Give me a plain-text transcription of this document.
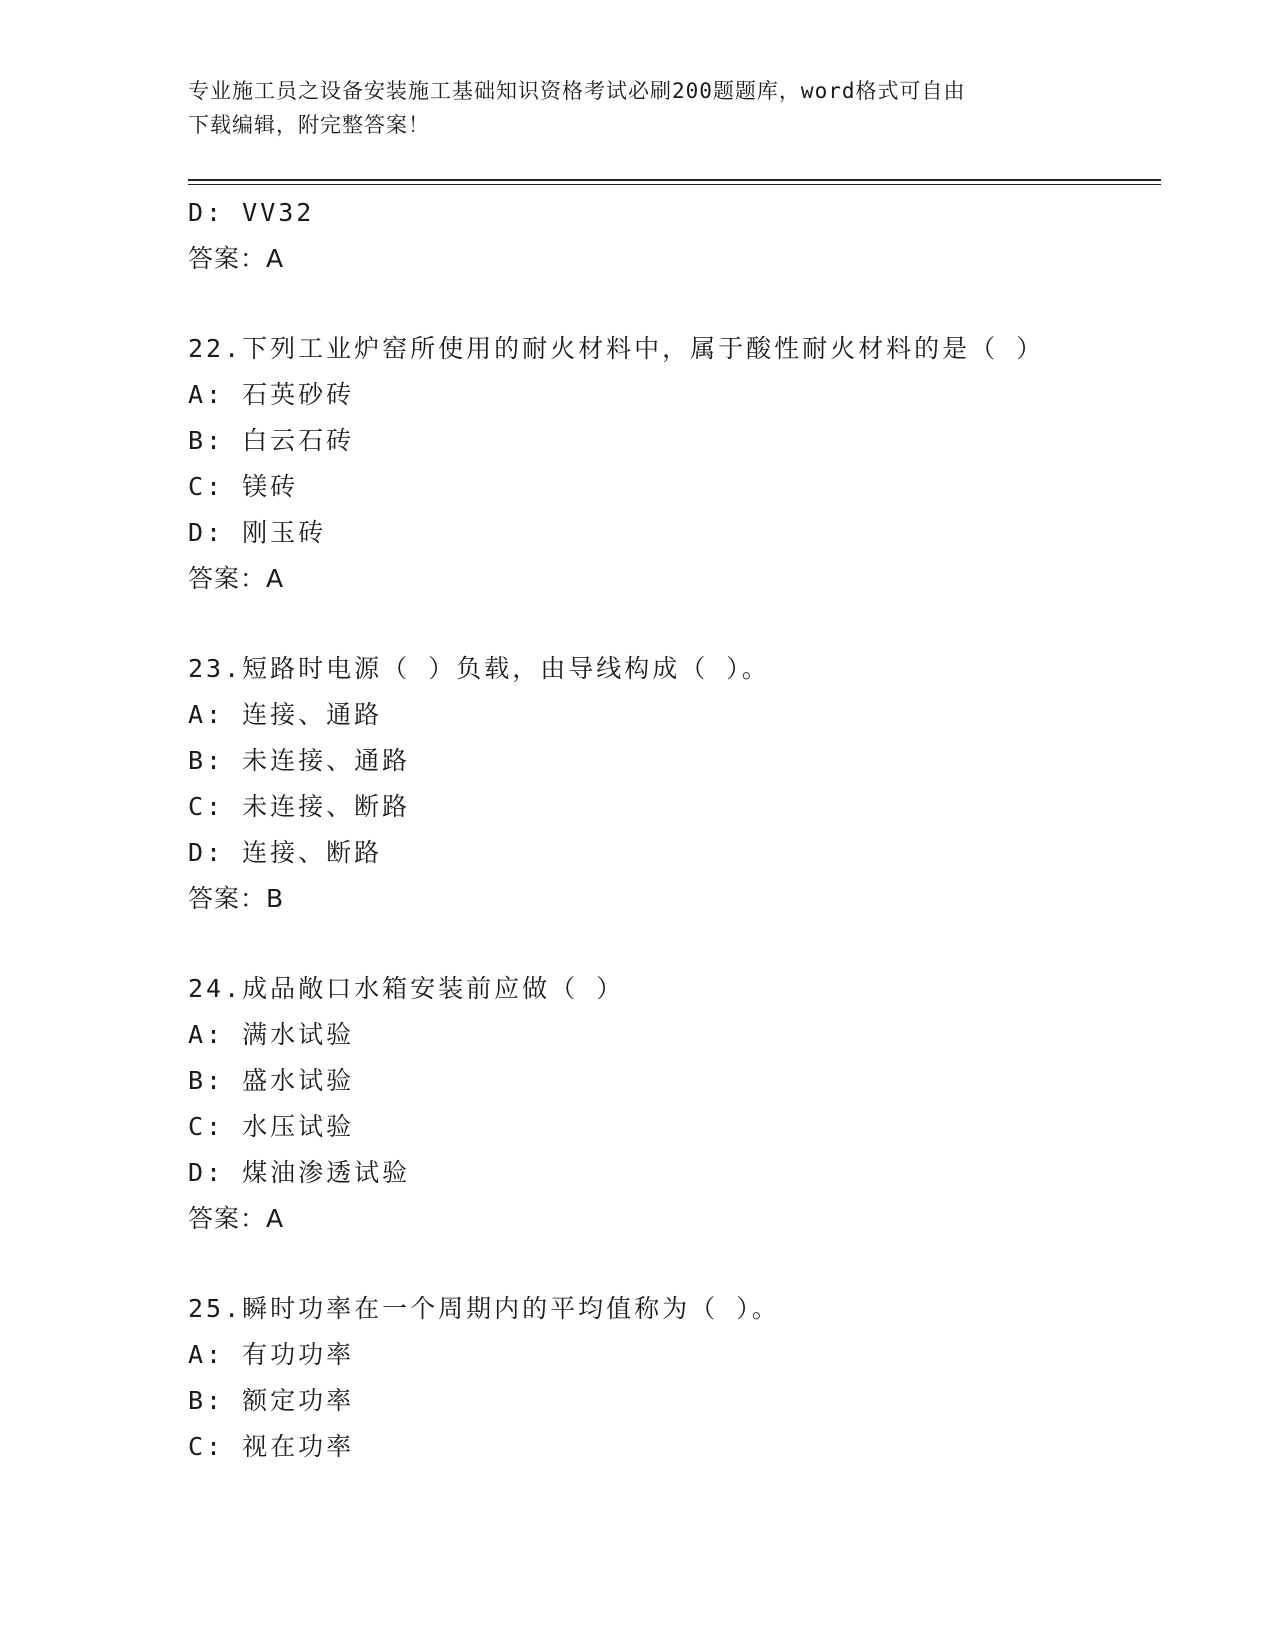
专业施工员之设备安装施工基础知识资格考试必刷200题题库，word格式可自由
下载编辑，附完整答案！
D: VV32
答案：A
22.下列工业炉窑所使用的耐火材料中，属于酸性耐火材料的是（ ）
A: 石英砂砖
B: 白云石砖
C: 镁砖
D: 刚玉砖
答案：A
23.短路时电源（ ）负载，由导线构成（ ）。
A: 连接、通路
B: 未连接、通路
C: 未连接、断路
D: 连接、断路
答案：B
24.成品敞口水箱安装前应做（ ）
A: 满水试验
B: 盛水试验
C: 水压试验
D: 煤油渗透试验
答案：A
25.瞬时功率在一个周期内的平均值称为（ ）。
A: 有功功率
B: 额定功率
C: 视在功率
